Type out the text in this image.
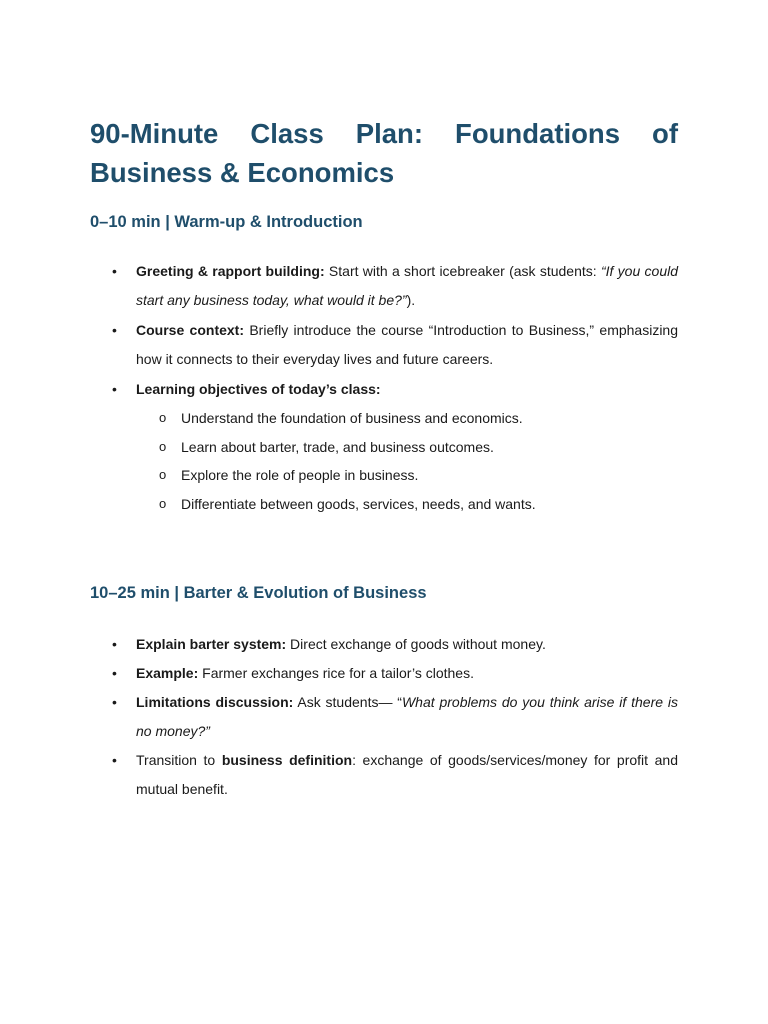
90-Minute Class Plan: Foundations of
Business & Economics
0–10 min | Warm-up & Introduction
• Greeting & rapport building: Start with a short icebreaker (ask students: “If you could start any business today, what would it be?”).
• Course context: Briefly introduce the course “Introduction to Business,” emphasizing how it connects to their everyday lives and future careers.
• Learning objectives of today’s class:
o Understand the foundation of business and economics.
o Learn about barter, trade, and business outcomes.
o Explore the role of people in business.
o Differentiate between goods, services, needs, and wants.
10–25 min | Barter & Evolution of Business
• Explain barter system: Direct exchange of goods without money.
• Example: Farmer exchanges rice for a tailor’s clothes.
• Limitations discussion: Ask students— “What problems do you think arise if there is no money?”
• Transition to business definition: exchange of goods/services/money for profit and mutual benefit.
